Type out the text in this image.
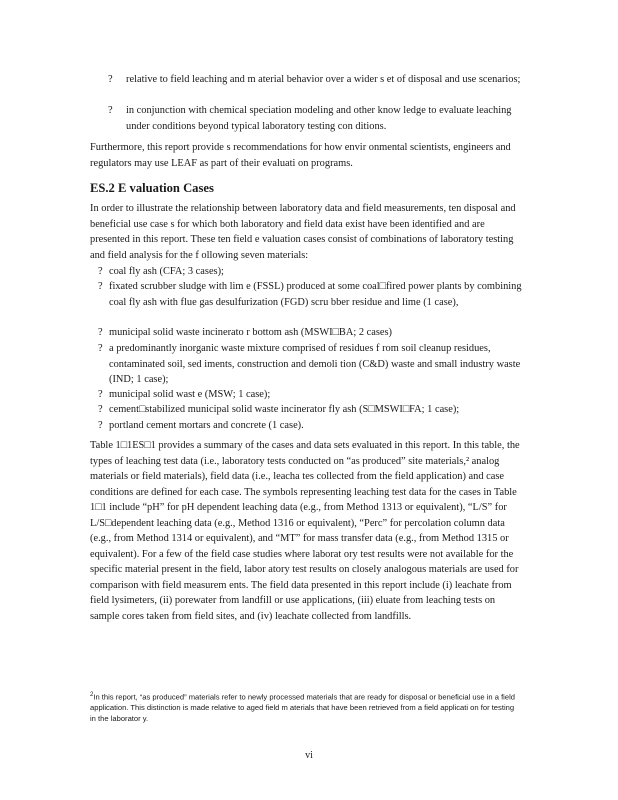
? relative to field leaching and m aterial behavior over a wider s et of disposal and use scenarios;
? in conjunction with chemical speciation modeling and other know ledge to evaluate leaching under conditions beyond typical laboratory testing con ditions.

Furthermore, this report provide s recommendations for how envir onmental scientists, engineers and regulators may use LEAF as part of their evaluati on programs.

ES.2 E valuation Cases

In order to illustrate the relationship between laboratory data and field measurements, ten disposal and beneficial use case s for which both laboratory and field data exist have been identified and are presented in this report. These ten field e valuation cases consist of combinations of laboratory testing and field analysis for the f ollowing seven materials:

? coal fly ash (CFA; 3 cases);
? fixated scrubber sludge with lim e (FSSL) produced at some coal□fired power plants by combining coal fly ash with flue gas desulfurization (FGD) scru bber residue and lime (1 case),
? municipal solid waste incinerato r bottom ash (MSWI□BA; 2 cases)
? a predominantly inorganic waste mixture comprised of residues f rom soil cleanup residues, contaminated soil, sed iments, construction and demoli tion (C&D) waste and small industry waste (IND; 1 case);
? municipal solid wast e (MSW; 1 case);
? cement□stabilized municipal solid waste incinerator fly ash (S□MSWI□FA; 1 case);
? portland cement mortars and concrete (1 case).

Table 1□1ES□1 provides a summary of the cases and data sets evaluated in this report. In this table, the types of leaching test data (i.e., laboratory tests conducted on “as produced” site materials,² analog materials or field materials), field data (i.e., leacha tes collected from the field application) and case conditions are defined for each case. The symbols representing leaching test data for the cases in Table 1□1 include “pH” for pH dependent leaching data (e.g., from Method 1313 or equivalent), “L/S” for L/S□dependent leaching data (e.g., Method 1316 or equivalent), “Perc” for percolation column data (e.g., from Method 1314 or equivalent), and “MT” for mass transfer data (e.g., from Method 1315 or equivalent). For a few of the field case studies where laborat ory test results were not available for the specific material present in the field, labor atory test results on closely analogous materials are used for comparison with field measurem ents. The field data presented in this report include (i) leachate from field lysimeters, (ii) porewater from landfill or use applications, (iii) eluate from leaching tests on sample cores taken from field sites, and (iv) leachate collected from landfills.

$^2$In this report, “as produced” materials refer to newly processed materials that are ready for disposal or beneficial use in a field application. This distinction is made relative to aged field m aterials that have been retrieved from a field applicati on for testing in the laborator y.

vi
